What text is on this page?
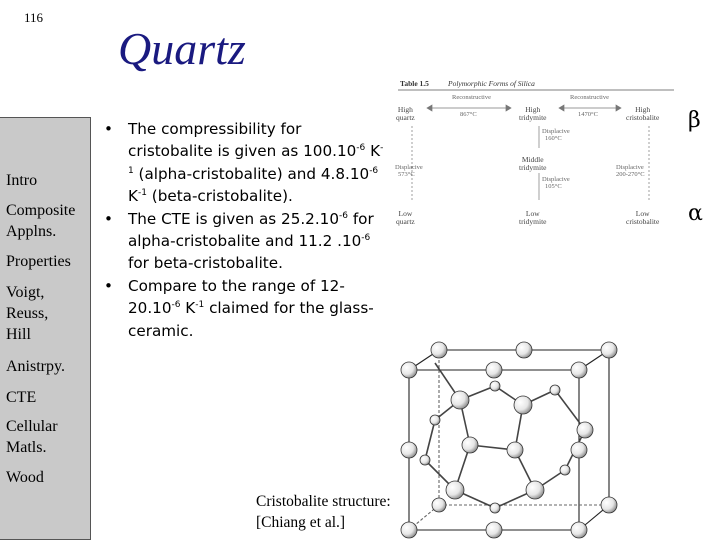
116
Quartz
Intro
Composite
Applns.
Properties
Voigt,
Reuss,
Hill
Anistrpy.
CTE
Cellular
Matls.
Wood
• The compressibility for cristobalite is given as $100.10^{-6}$ $K^{-1}$ (alpha-cristobalite) and $4.8.10^{-6}$ $K^{-1}$ (beta-cristobalite).
• The CTE is given as $25.2.10^{-6}$ for alpha-cristobalite and 11.2 $.10^{-6}$ for beta-cristobalite.
• Compare to the range of $12-20.10^{-6}$ $K^{-1}$ claimed for the glass-ceramic.
Table 1.5	Polymorphic Forms of Silica
Reconstructive
867°C
Reconstructive
1470°C
Displacive
160°C
Displacive
573°C
Displacive
105°C
Displacive
200-270°C
High
quartz
High
tridymite
High
cristobalite
Middle
tridymite
Low
quartz
Low
tridymite
Low
cristobalite
β
α
Cristobalite structure:
[Chiang et al.]
